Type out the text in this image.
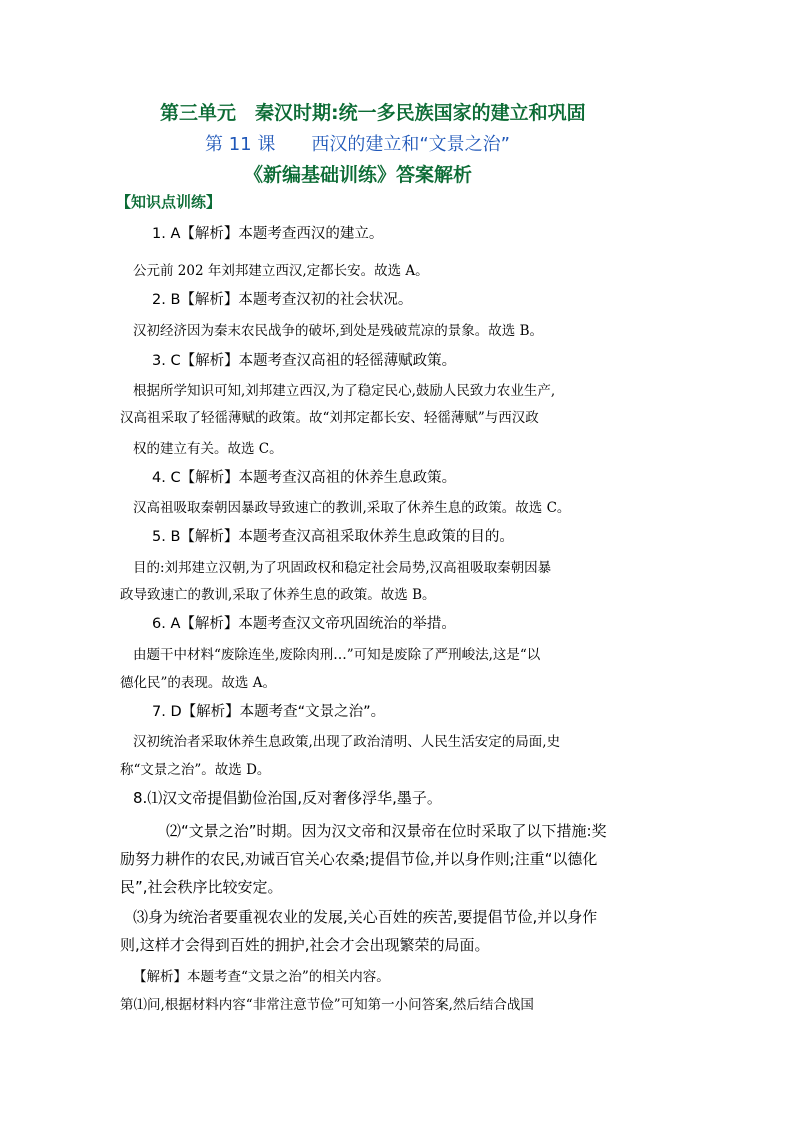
第三单元　秦汉时期:统一多民族国家的建立和巩固
第 11 课　　西汉的建立和“文景之治”
《新编基础训练》答案解析
【知识点训练】
1. A【解析】本题考查西汉的建立。
公元前 202 年刘邦建立西汉,定都长安。故选 A。
2. B【解析】本题考查汉初的社会状况。
汉初经济因为秦末农民战争的破坏,到处是残破荒凉的景象。故选 B。
3. C【解析】本题考查汉高祖的轻徭薄赋政策。
根据所学知识可知,刘邦建立西汉,为了稳定民心,鼓励人民致力农业生产,
汉高祖采取了轻徭薄赋的政策。故“刘邦定都长安、轻徭薄赋”与西汉政
权的建立有关。故选 C。
4. C【解析】本题考查汉高祖的休养生息政策。
汉高祖吸取秦朝因暴政导致速亡的教训,采取了休养生息的政策。故选 C。
5. B【解析】本题考查汉高祖采取休养生息政策的目的。
目的:刘邦建立汉朝,为了巩固政权和稳定社会局势,汉高祖吸取秦朝因暴
政导致速亡的教训,采取了休养生息的政策。故选 B。
6. A【解析】本题考查汉文帝巩固统治的举措。
由题干中材料“废除连坐,废除肉刑…”可知是废除了严刑峻法,这是“以
德化民”的表现。故选 A。
7. D【解析】本题考查“文景之治”。
汉初统治者采取休养生息政策,出现了政治清明、人民生活安定的局面,史
称“文景之治”。故选 D。
8.⑴汉文帝提倡勤俭治国,反对奢侈浮华,墨子。
⑵“文景之治”时期。因为汉文帝和汉景帝在位时采取了以下措施:奖
励努力耕作的农民,劝诫百官关心农桑;提倡节俭,并以身作则;注重“以德化
民”,社会秩序比较安定。
⑶身为统治者要重视农业的发展,关心百姓的疾苦,要提倡节俭,并以身作
则,这样才会得到百姓的拥护,社会才会出现繁荣的局面。
【解析】本题考查“文景之治”的相关内容。
第⑴问,根据材料内容“非常注意节俭”可知第一小问答案,然后结合战国
